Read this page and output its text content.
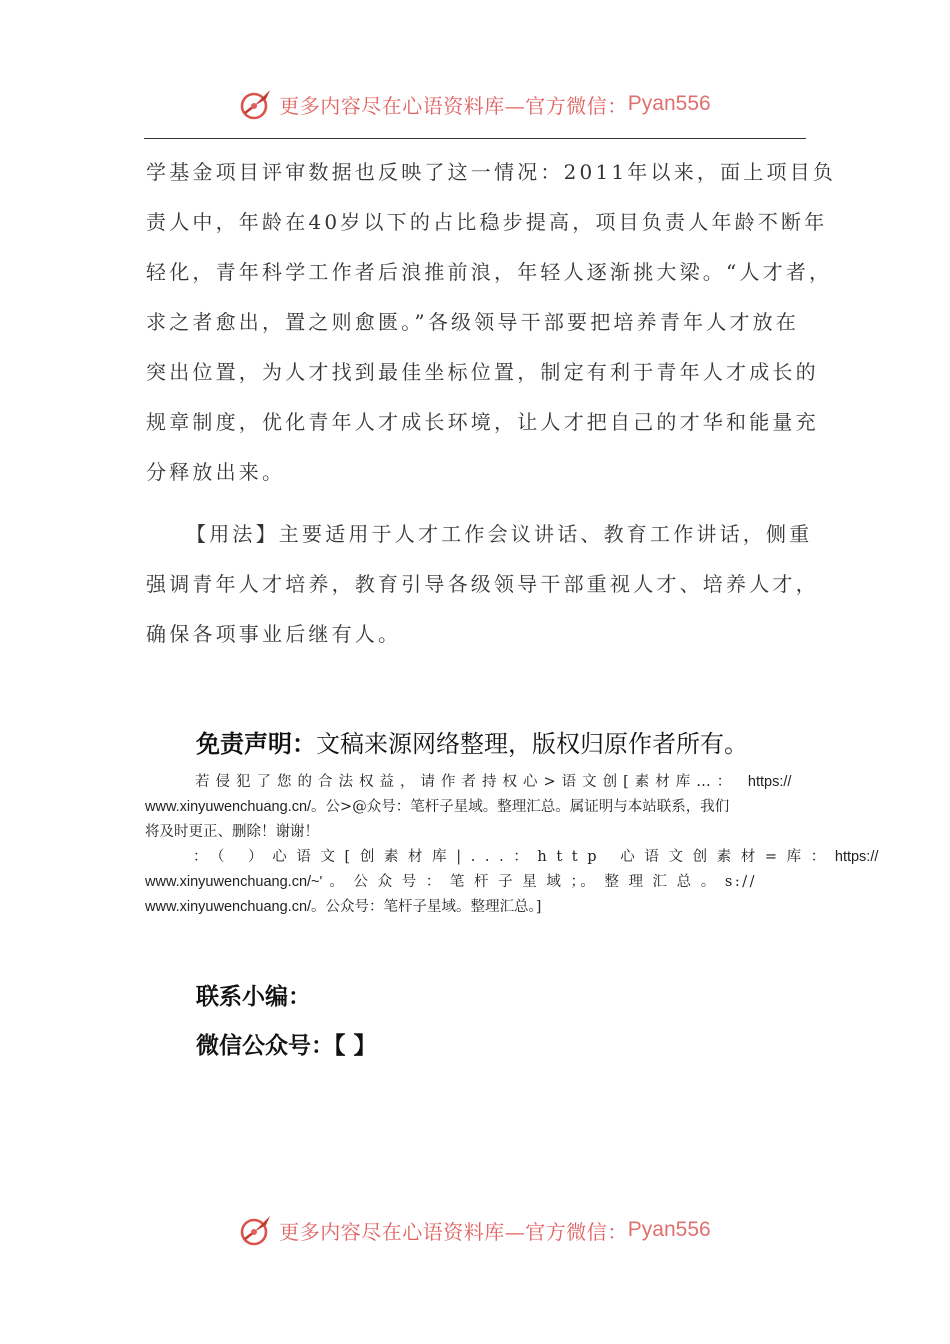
更多内容尽在心语资料库—官方微信： Pyan556
学基金项目评审数据也反映了这一情况：2011年以来，面上项目负
责人中，年龄在40岁以下的占比稳步提高，项目负责人年龄不断年
轻化，青年科学工作者后浪推前浪，年轻人逐渐挑大梁。“人才者，
求之者愈出，置之则愈匮。”各级领导干部要把培养青年人才放在
突出位置，为人才找到最佳坐标位置，制定有利于青年人才成长的
规章制度，优化青年人才成长环境，让人才把自己的才华和能量充
分释放出来。
【用法】主要适用于人才工作会议讲话、教育工作讲话，侧重
强调青年人才培养，教育引导各级领导干部重视人才、培养人才，
确保各项事业后继有人。
免责声明：文稿来源网络整理，版权归原作者所有。
若侵犯了您的合法权益，请作者持权心>语文创[素材库…： https://
www.xinyuwenchuang.cn/。公>@众号：笔杆子星域。整理汇总。属证明与本站联系，我们
将及时更正、删除！谢谢！
：（ ）心语文[创素材库|...：http 心语文创素材=库：https://
www.xinyuwenchuang.cn/~' 。 公 众 号 ： 笔 杆 子 星 域 ；。 整 理 汇 总 。 s://
www.xinyuwenchuang.cn/。公众号：笔杆子星域。整理汇总。]
联系小编：
微信公众号：【 】
更多内容尽在心语资料库—官方微信： Pyan556
